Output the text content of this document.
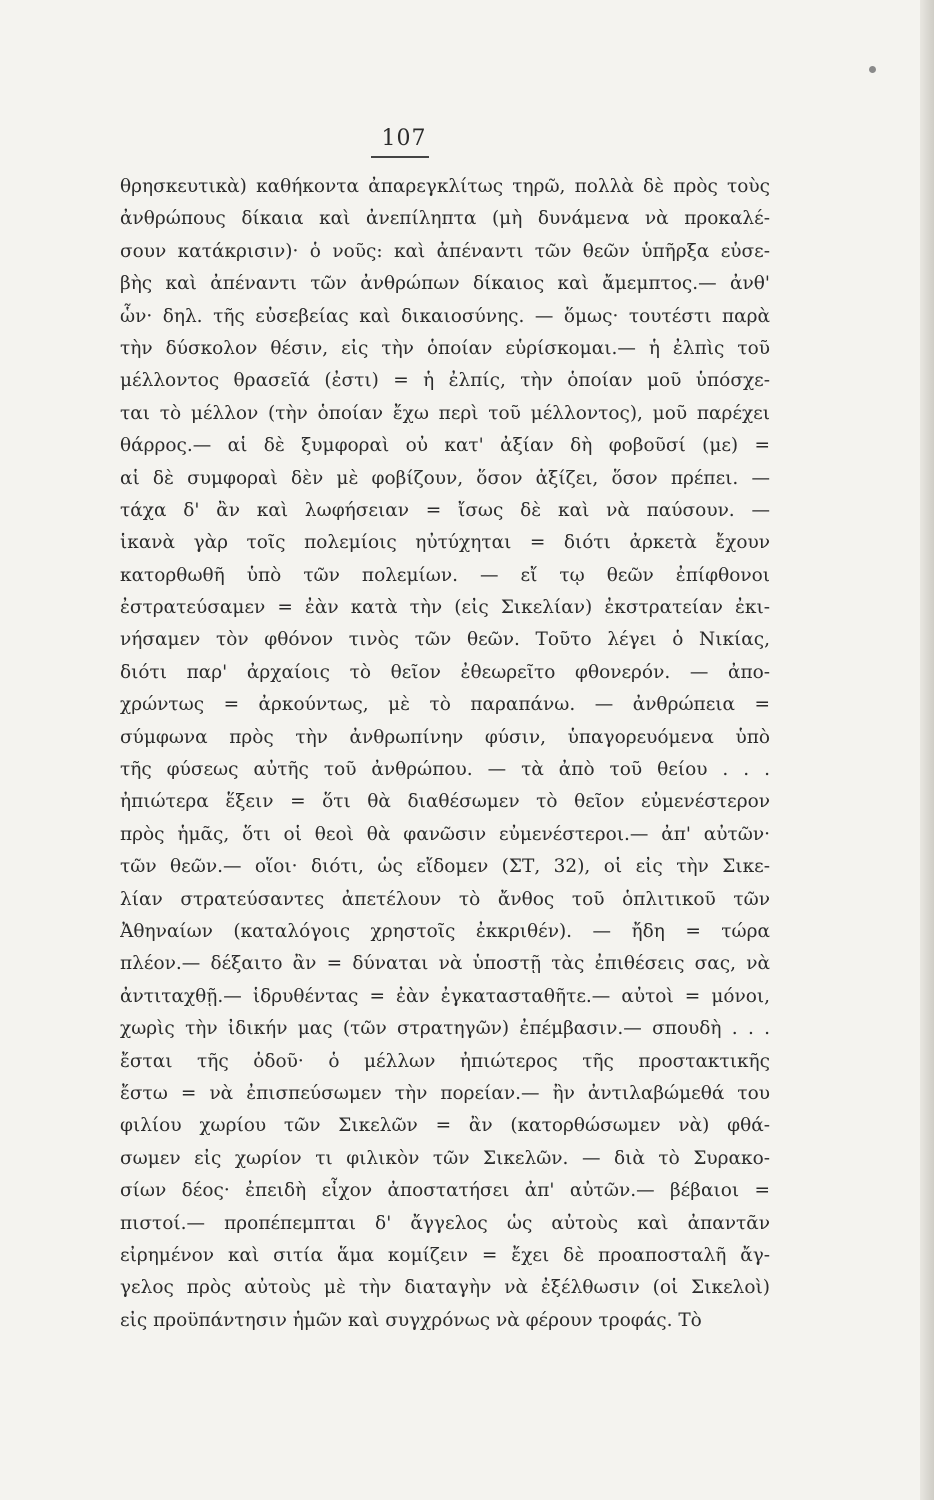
107
θρησκευτικὰ) καθήκοντα ἀπαρεγκλίτως τηρῶ, πολλὰ δὲ πρὸς τοὺς
ἀνθρώπους δίκαια καὶ ἀνεπίληπτα (μὴ δυνάμενα νὰ προκαλέ-
σουν κατάκρισιν)· ὁ νοῦς: καὶ ἀπέναντι τῶν θεῶν ὑπῆρξα εὐσε-
βὴς καὶ ἀπέναντι τῶν ἀνθρώπων δίκαιος καὶ ἄμεμπτος.— ἀνθ'
ὧν· δηλ. τῆς εὐσεβείας καὶ δικαιοσύνης. — ὅμως· τουτέστι παρὰ
τὴν δύσκολον θέσιν, εἰς τὴν ὁποίαν εὑρίσκομαι.— ἡ ἐλπὶς τοῦ
μέλλοντος θρασεῖά (ἐστι) = ἡ ἐλπίς, τὴν ὁποίαν μοῦ ὑπόσχε-
ται τὸ μέλλον (τὴν ὁποίαν ἔχω περὶ τοῦ μέλλοντος), μοῦ παρέχει
θάρρος.— αἱ δὲ ξυμφοραὶ οὐ κατ' ἀξίαν δὴ φοβοῦσί (με) =
αἱ δὲ συμφοραὶ δὲν μὲ φοβίζουν, ὅσον ἀξίζει, ὅσον πρέπει. —
τάχα δ' ἂν καὶ λωφήσειαν = ἴσως δὲ καὶ νὰ παύσουν. —
ἱκανὰ γὰρ τοῖς πολεμίοις ηὐτύχηται = διότι ἀρκετὰ ἔχουν
κατορθωθῆ ὑπὸ τῶν πολεμίων. — εἴ τῳ θεῶν ἐπίφθονοι
ἐστρατεύσαμεν = ἐὰν κατὰ τὴν (εἰς Σικελίαν) ἐκστρατείαν ἐκι-
νήσαμεν τὸν φθόνον τινὸς τῶν θεῶν. Τοῦτο λέγει ὁ Νικίας,
διότι παρ' ἀρχαίοις τὸ θεῖον ἐθεωρεῖτο φθονερόν. — ἀπο-
χρώντως = ἀρκούντως, μὲ τὸ παραπάνω. — ἀνθρώπεια =
σύμφωνα πρὸς τὴν ἀνθρωπίνην φύσιν, ὑπαγορευόμενα ὑπὸ
τῆς φύσεως αὐτῆς τοῦ ἀνθρώπου. — τὰ ἀπὸ τοῦ θείου . . .
ἠπιώτερα ἕξειν = ὅτι θὰ διαθέσωμεν τὸ θεῖον εὐμενέστερον
πρὸς ἡμᾶς, ὅτι οἱ θεοὶ θὰ φανῶσιν εὐμενέστεροι.— ἀπ' αὐτῶν·
τῶν θεῶν.— οἵοι· διότι, ὡς εἴδομεν (ΣΤ, 32), οἱ εἰς τὴν Σικε-
λίαν στρατεύσαντες ἀπετέλουν τὸ ἄνθος τοῦ ὁπλιτικοῦ τῶν
Ἀθηναίων (καταλόγοις χρηστοῖς ἐκκριθέν). — ἤδη = τώρα
πλέον.— δέξαιτο ἂν = δύναται νὰ ὑποστῇ τὰς ἐπιθέσεις σας, νὰ
ἀντιταχθῇ.— ἱδρυθέντας = ἐὰν ἐγκατασταθῆτε.— αὐτοὶ = μόνοι,
χωρὶς τὴν ἰδικήν μας (τῶν στρατηγῶν) ἐπέμβασιν.— σπουδὴ . . .
ἔσται τῆς ὁδοῦ· ὁ μέλλων ἠπιώτερος τῆς προστακτικῆς
ἔστω = νὰ ἐπισπεύσωμεν τὴν πορείαν.— ἢν ἀντιλαβώμεθά του
φιλίου χωρίου τῶν Σικελῶν = ἂν (κατορθώσωμεν νὰ) φθά-
σωμεν εἰς χωρίον τι φιλικὸν τῶν Σικελῶν. — διὰ τὸ Συρακο-
σίων δέος· ἐπειδὴ εἶχον ἀποστατήσει ἀπ' αὐτῶν.— βέβαιοι =
πιστοί.— προπέπεμπται δ' ἄγγελος ὡς αὐτοὺς καὶ ἀπαντᾶν
εἰρημένον καὶ σιτία ἅμα κομίζειν = ἔχει δὲ προαποσταλῆ ἄγ-
γελος πρὸς αὐτοὺς μὲ τὴν διαταγὴν νὰ ἐξέλθωσιν (οἱ Σικελοὶ)
εἰς προϋπάντησιν ἡμῶν καὶ συγχρόνως νὰ φέρουν τροφάς. Τὸ
